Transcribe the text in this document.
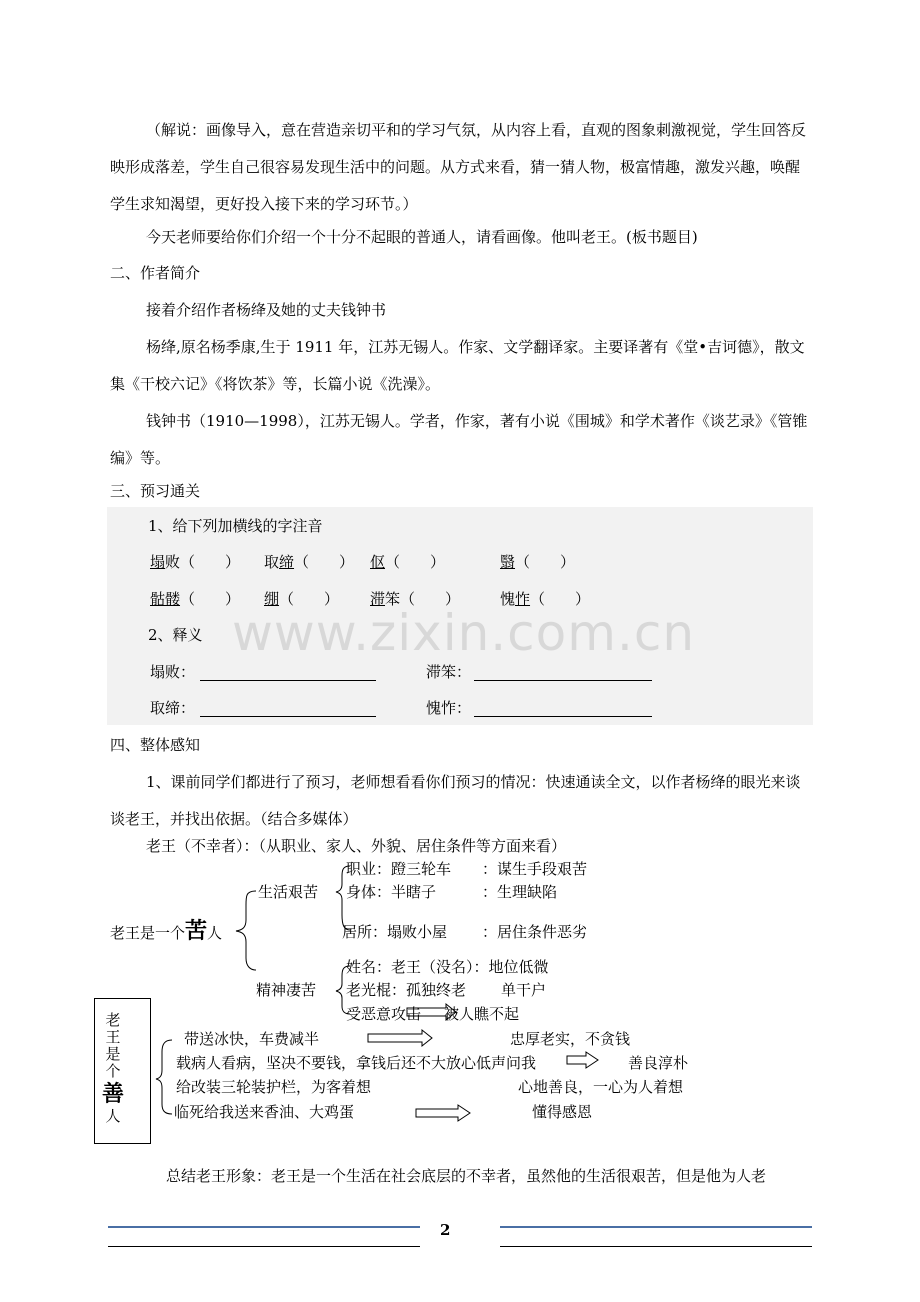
（解说：画像导入，意在营造亲切平和的学习气氛，从内容上看，直观的图象刺激视觉，学生回答反映形成落差，学生自己很容易发现生活中的问题。从方式来看，猜一猜人物，极富情趣，激发兴趣，唤醒学生求知渴望，更好投入接下来的学习环节。）
今天老师要给你们介绍一个十分不起眼的普通人，请看画像。他叫老王。(板书题目)
二、作者简介
接着介绍作者杨绛及她的丈夫钱钟书
杨绛,原名杨季康,生于 1911 年，江苏无锡人。作家、文学翻译家。主要译著有《堂•吉诃德》，散文集《干校六记》《将饮茶》等，长篇小说《洗澡》。
钱钟书（1910—1998），江苏无锡人。学者，作家，著有小说《围城》和学术著作《谈艺录》《管锥编》等。
三、预习通关
1、给下列加横线的字注音
塌败（　　） 取缔（　　） 伛（　　）	翳（　　）
骷髅（　　） 绷（　　） 滞笨（　　）	愧怍（　　）
2、释义 www.zixin.com.cn
塌败：	滞笨：
取缔：	愧怍：
四、整体感知
1、课前同学们都进行了预习，老师想看看你们预习的情况：快速通读全文，以作者杨绛的眼光来谈谈老王，并找出依据。（结合多媒体）
老王（不幸者）：（从职业、家人、外貌、居住条件等方面来看）
老王是一个苦人
生活艰苦
精神凄苦
职业：蹬三轮车 ：谋生手段艰苦
身体：半瞎子	：生理缺陷
居所：塌败小屋 ：居住条件恶劣
姓名：老王（没名）：地位低微
老光棍：孤独终老 单干户
受恶意攻击 被人瞧不起
老王是个
善
人
带送冰快，车费减半	忠厚老实，不贪钱
载病人看病，坚决不要钱，拿钱后还不大放心低声问我	善良淳朴
给改装三轮装护栏，为客着想	心地善良，一心为人着想
临死给我送来香油、大鸡蛋	懂得感恩
总结老王形象：老王是一个生活在社会底层的不幸者，虽然他的生活很艰苦，但是他为人老
2
